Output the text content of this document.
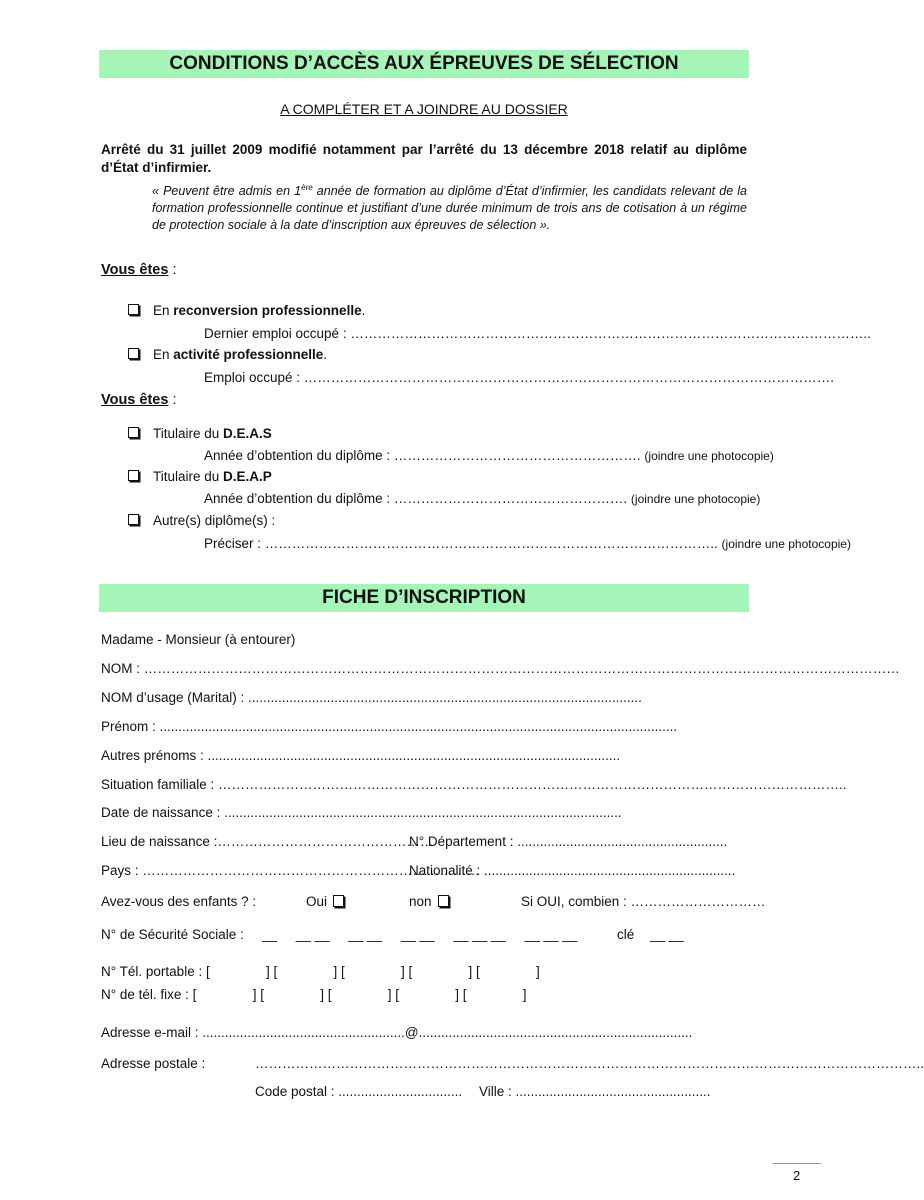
CONDITIONS D’ACCÈS AUX ÉPREUVES DE SÉLECTION
A COMPLÉTER ET A JOINDRE AU DOSSIER
Arrêté du 31 juillet 2009 modifié notamment par l’arrêté du 13 décembre 2018 relatif au diplôme d’État d’infirmier.
« Peuvent être admis en 1ère année de formation au diplôme d’État d’infirmier, les candidats relevant de la formation professionnelle continue et justifiant d’une durée minimum de trois ans de cotisation à un régime de protection sociale à la date d’inscription aux épreuves de sélection ».
Vous êtes :
En reconversion professionnelle.
Dernier emploi occupé : ……………………………………………………………………………………………………..
En activité professionnelle.
Emploi occupé : ……………………………………………………………………………………………………….
Vous êtes :
Titulaire du D.E.A.S
Année d’obtention du diplôme : ………………………………………………. (joindre une photocopie)
Titulaire du D.E.A.P
Année d’obtention du diplôme : ……………………………………………. (joindre une photocopie)
Autre(s) diplôme(s) :
Préciser : ……………………………………………………………………………………….. (joindre une photocopie)
FICHE D’INSCRIPTION
Madame - Monsieur (à entourer)
NOM : ……………………………………………………………………………………………………………………………………………………
NOM d’usage (Marital) : .........................................................................................................
Prénom : ..........................................................................................................................................
Autres prénoms : ..............................................................................................................
Situation familiale : …………………………………………………………………………………………………………………………..
Date de naissance : ..........................................................................................................
Lieu de naissance :…………………………………………
N° Département : ........................................................
Pays : …………………………………………………………………
Nationalité : ...................................................................
Avez-vous des enfants ? :	Oui	non	Si OUI, combien : …………………………
N° de Sécurité Sociale : __     __ __     __ __     __ __     __ __ __     __ __ __	clé __ __
N° Tél. portable : [               ] [               ] [               ] [               ] [               ]
N° de tél. fixe : [               ] [               ] [               ] [               ] [               ]
Adresse e-mail : ......................................................@.........................................................................
Adresse postale :	…………………………………………………………………………………………………………………………………..
Code postal : ................................. Ville : ....................................................
2
